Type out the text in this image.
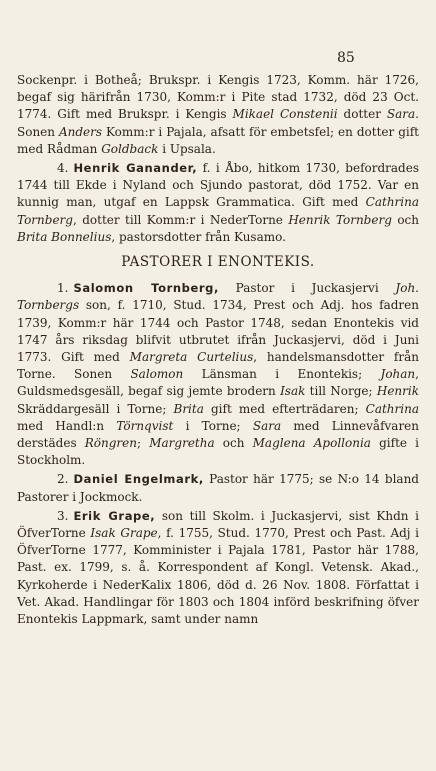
85

Sockenpr. i Botheå; Brukspr. i Kengis 1723, Komm. här 1726, begaf sig härifrån 1730, Komm:r i Pite stad 1732, död 23 Oct. 1774. Gift med Brukspr. i Kengis Mikael Constenii dotter Sara. Sonen Anders Komm:r i Pajala, afsatt för embetsfel; en dotter gift med Rådman Goldback i Upsala.

4. Henrik Ganander, f. i Åbo, hitkom 1730, befordrades 1744 till Ekde i Nyland och Sjundo pastorat, död 1752. Var en kunnig man, utgaf en Lappsk Grammatica. Gift med Cathrina Tornberg, dotter till Komm:r i NederTorne Henrik Tornberg och Brita Bonnelius, pastorsdotter från Kusamo.

PASTORER I ENONTEKIS.

1. Salomon Tornberg, Pastor i Juckasjervi Joh. Tornbergs son, f. 1710, Stud. 1734, Prest och Adj. hos fadren 1739, Komm:r här 1744 och Pastor 1748, sedan Enontekis vid 1747 års riksdag blifvit utbrutet ifrån Juckasjervi, död i Juni 1773. Gift med Margreta Curtelius, handelsmansdotter från Torne. Sonen Salomon Länsman i Enontekis; Johan, Guldsmedsgesäll, begaf sig jemte brodern Isak till Norge; Henrik Skräddargesäll i Torne; Brita gift med efterträdaren; Cathrina med Handl:n Törnqvist i Torne; Sara med Linnevåfvaren derstädes Röngren; Margretha och Maglena Apollonia gifte i Stockholm.

2. Daniel Engelmark, Pastor här 1775; se N:o 14 bland Pastorer i Jockmock.

3. Erik Grape, son till Skolm. i Juckasjervi, sist Khdn i ÖfverTorne Isak Grape, f. 1755, Stud. 1770, Prest och Past. Adj i ÖfverTorne 1777, Komminister i Pajala 1781, Pastor här 1788, Past. ex. 1799, s. å. Korrespondent af Kongl. Vetensk. Akad., Kyrkoherde i NederKalix 1806, död d. 26 Nov. 1808. Författat i Vet. Akad. Handlingar för 1803 och 1804 införd beskrifning öfver Enontekis Lappmark, samt under namn
